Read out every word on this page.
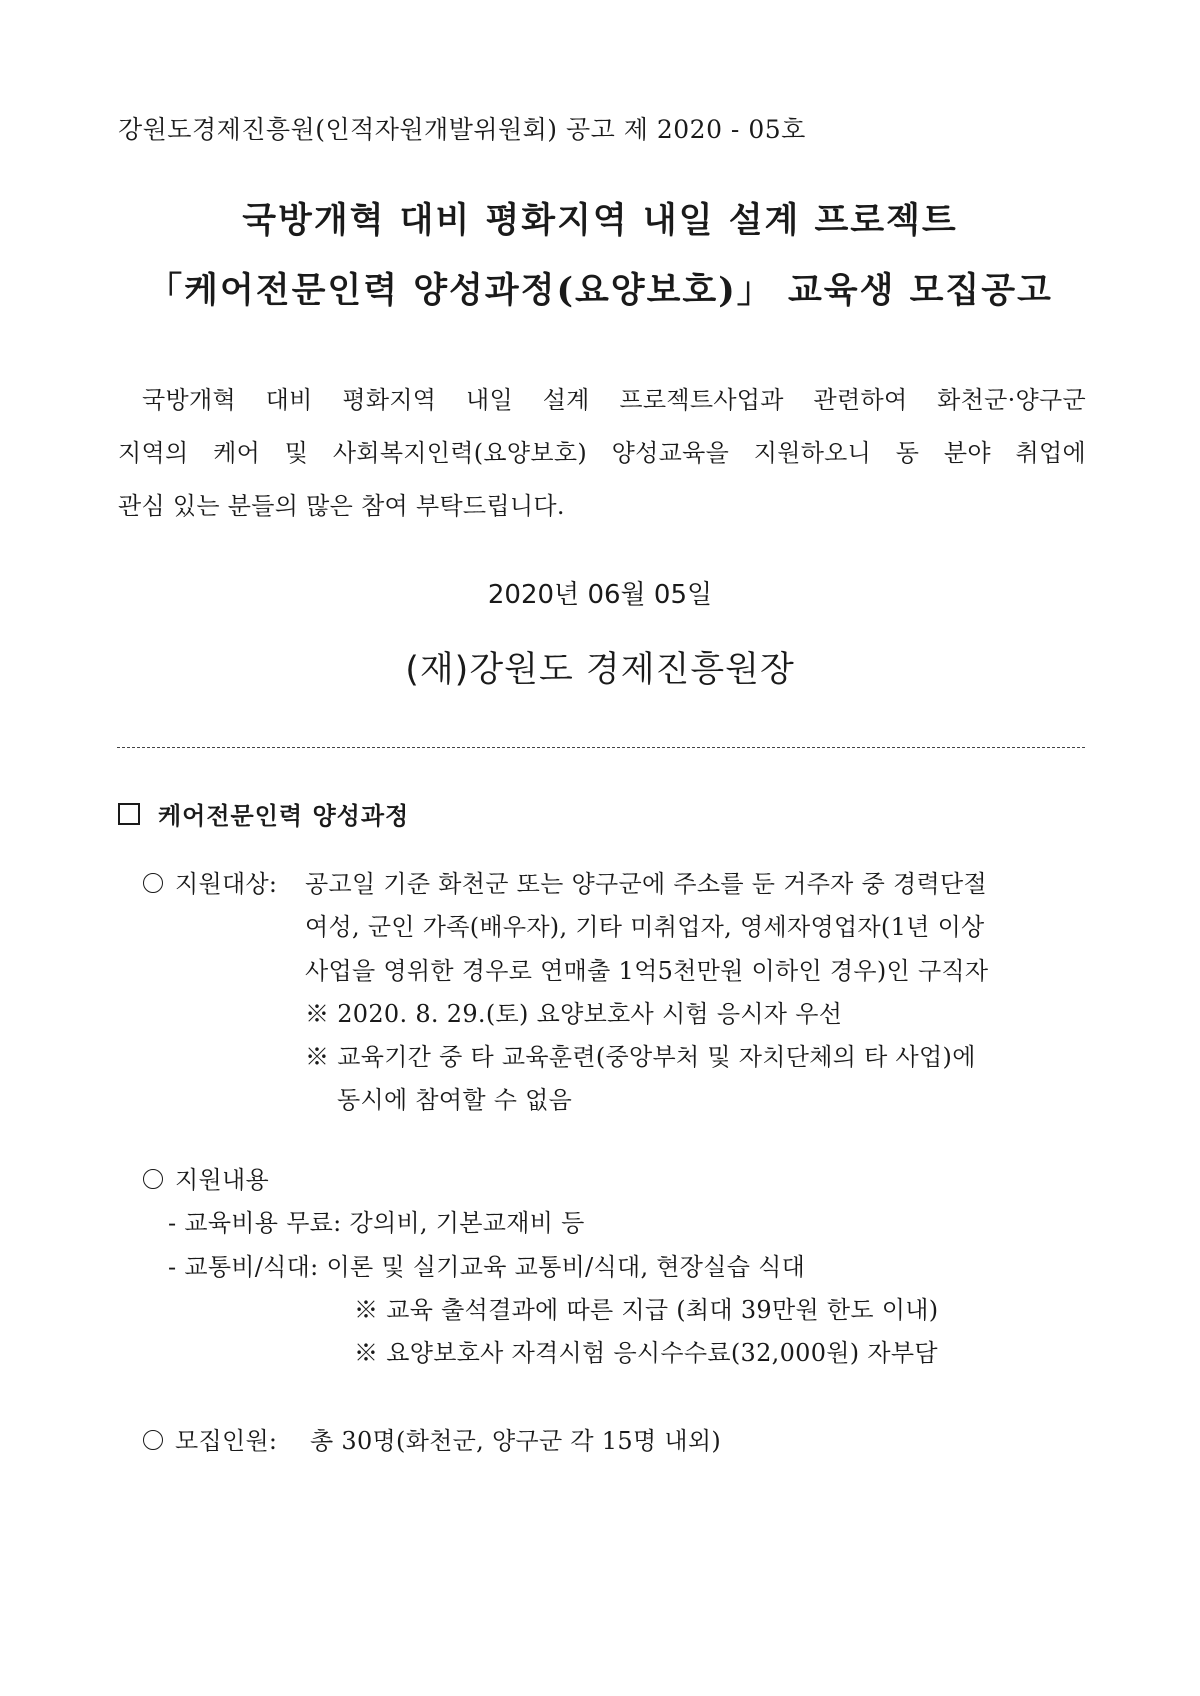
강원도경제진흥원(인적자원개발위원회) 공고 제 2020 - 05호
국방개혁 대비 평화지역 내일 설계 프로젝트
「케어전문인력 양성과정(요양보호)」 교육생 모집공고
국방개혁 대비 평화지역 내일 설계 프로젝트사업과 관련하여 화천군·양구군
지역의 케어 및 사회복지인력(요양보호) 양성교육을 지원하오니 동 분야 취업에
관심 있는 분들의 많은 참여 부탁드립니다.
2020년 06월 05일
(재)강원도 경제진흥원장
케어전문인력 양성과정
지원대상: 공고일 기준 화천군 또는 양구군에 주소를 둔 거주자 중 경력단절
여성, 군인 가족(배우자), 기타 미취업자, 영세자영업자(1년 이상
사업을 영위한 경우로 연매출 1억5천만원 이하인 경우)인 구직자
※ 2020. 8. 29.(토) 요양보호사 시험 응시자 우선
※ 교육기간 중 타 교육훈련(중앙부처 및 자치단체의 타 사업)에
동시에 참여할 수 없음
지원내용
- 교육비용 무료: 강의비, 기본교재비 등
- 교통비/식대: 이론 및 실기교육 교통비/식대, 현장실습 식대
※ 교육 출석결과에 따른 지급 (최대 39만원 한도 이내)
※ 요양보호사 자격시험 응시수수료(32,000원) 자부담
모집인원: 총 30명(화천군, 양구군 각 15명 내외)
